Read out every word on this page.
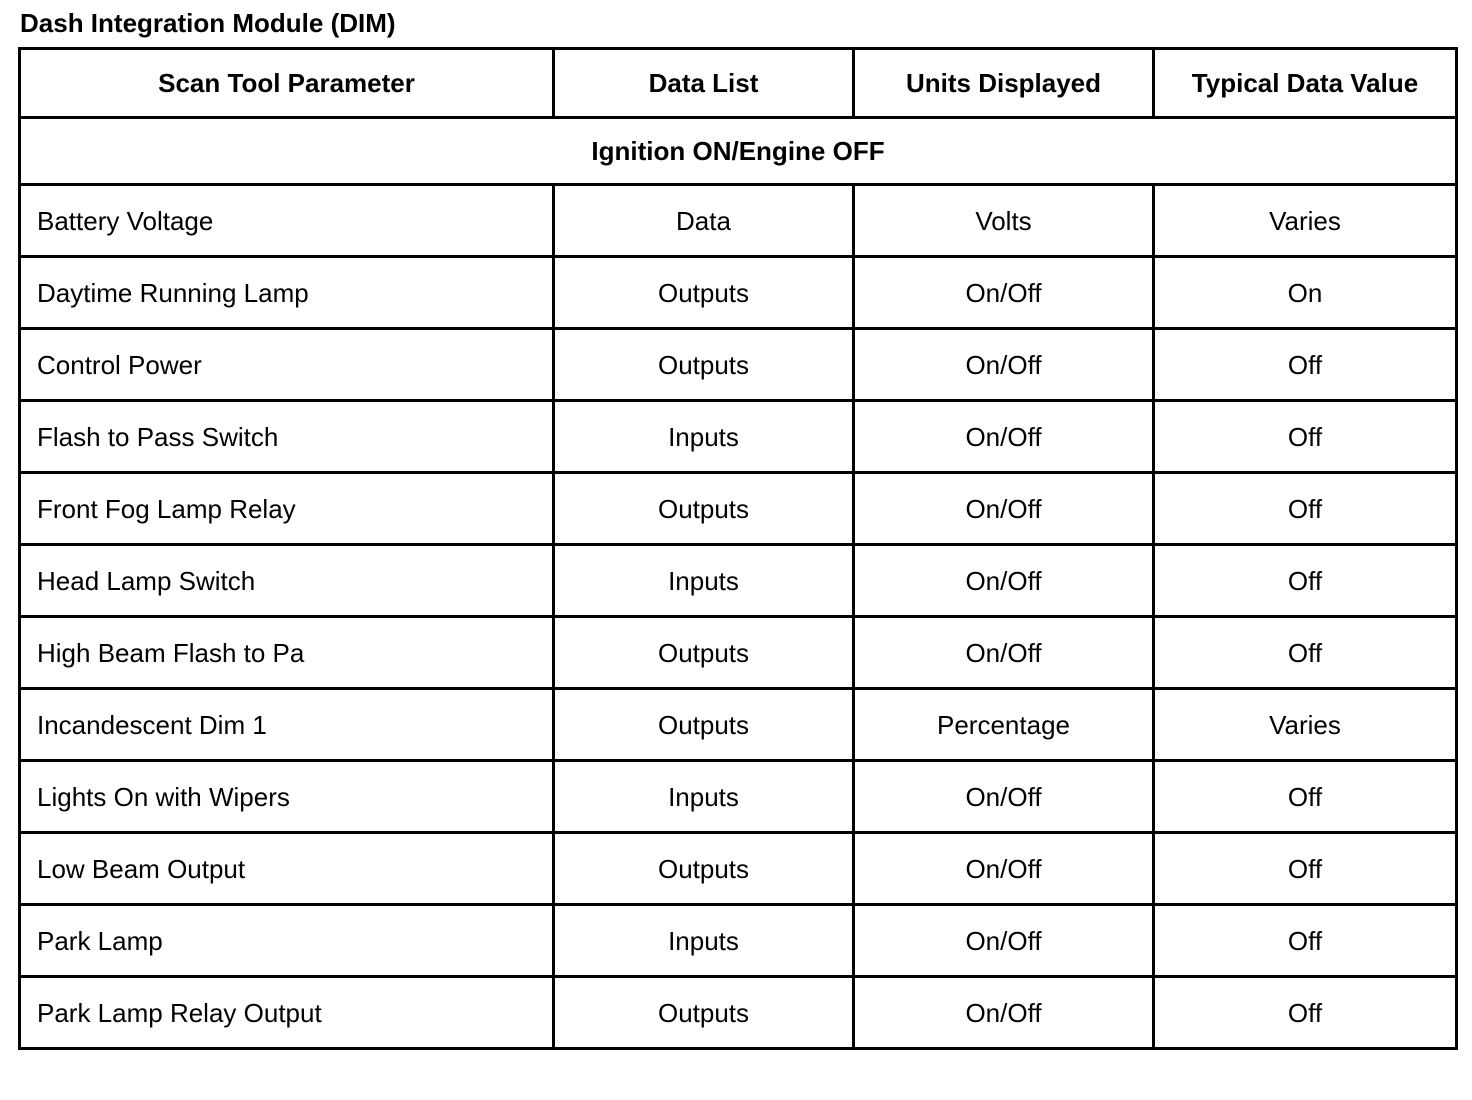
Dash Integration Module (DIM)
Scan Tool Parameter	Data List	Units Displayed	Typical Data Value
Ignition ON/Engine OFF			
Battery Voltage	Data	Volts	Varies
Daytime Running Lamp	Outputs	On/Off	On
Control Power	Outputs	On/Off	Off
Flash to Pass Switch	Inputs	On/Off	Off
Front Fog Lamp Relay	Outputs	On/Off	Off
Head Lamp Switch	Inputs	On/Off	Off
High Beam Flash to Pa	Outputs	On/Off	Off
Incandescent Dim 1	Outputs	Percentage	Varies
Lights On with Wipers	Inputs	On/Off	Off
Low Beam Output	Outputs	On/Off	Off
Park Lamp	Inputs	On/Off	Off
Park Lamp Relay Output	Outputs	On/Off	Off
